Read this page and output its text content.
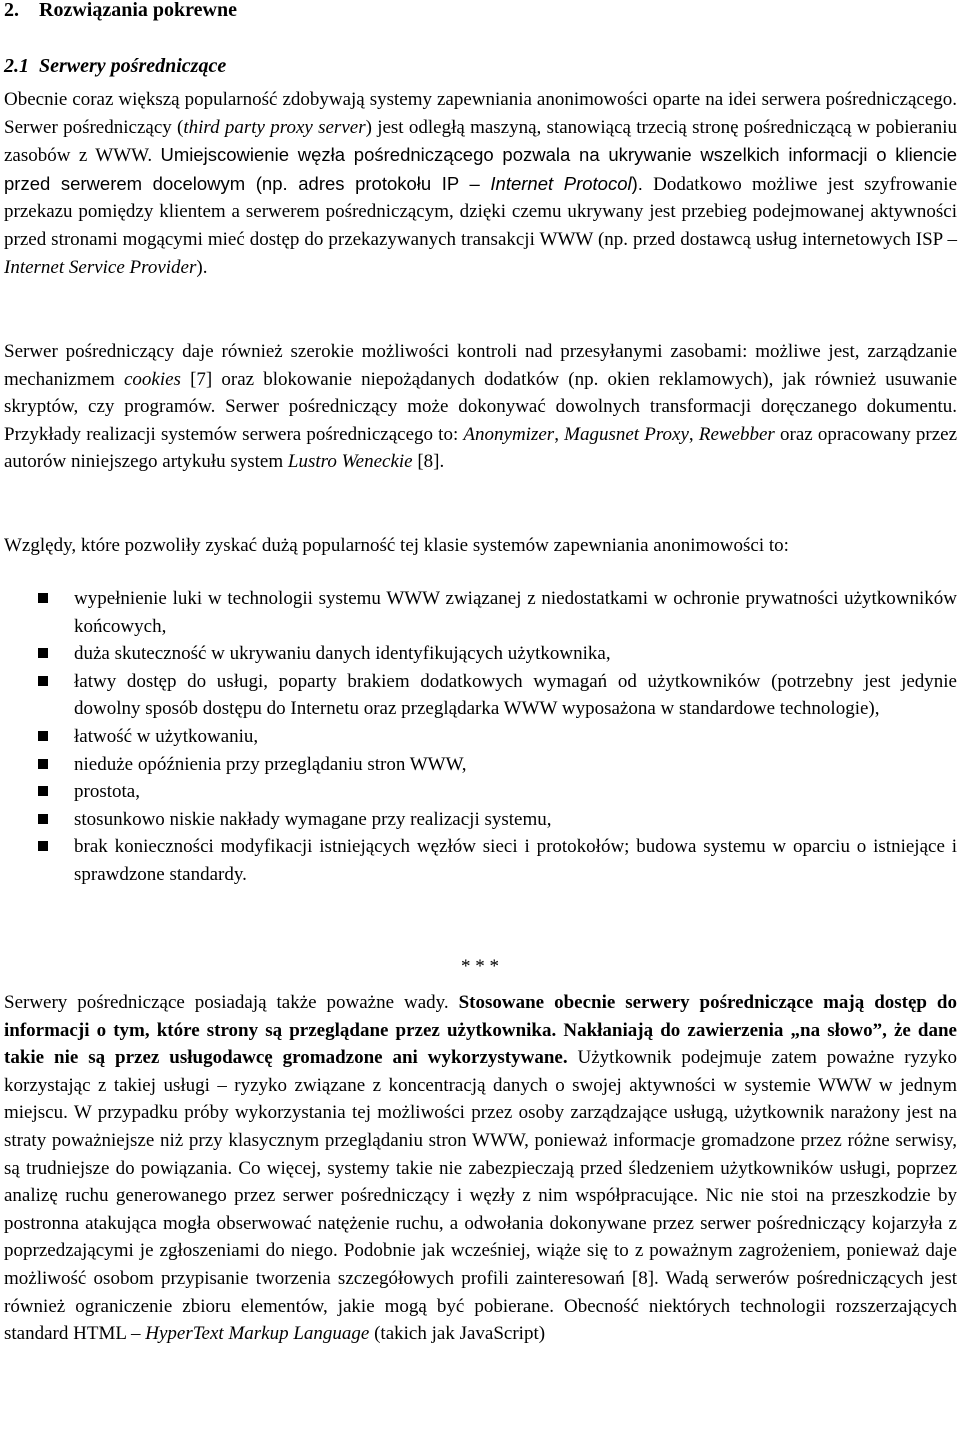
2.    Rozwiązania pokrewne
2.1  Serwery pośredniczące

Obecnie coraz większą popularność zdobywają systemy zapewniania anonimowości oparte na idei serwera pośredniczącego. Serwer pośredniczący (third party proxy server) jest odległą maszyną, stanowiącą trzecią stronę pośredniczącą w pobieraniu zasobów z WWW. Umiejscowienie węzła pośredniczącego pozwala na ukrywanie wszelkich informacji o kliencie przed serwerem docelowym (np. adres protokołu IP – Internet Protocol). Dodatkowo możliwe jest szyfrowanie przekazu pomiędzy klientem a serwerem pośredniczącym, dzięki czemu ukrywany jest przebieg podejmowanej aktywności przed stronami mogącymi mieć dostęp do przekazywanych transakcji WWW (np. przed dostawcą usług internetowych ISP – Internet Service Provider).

Serwer pośredniczący daje również szerokie możliwości kontroli nad przesyłanymi zasobami: możliwe jest, zarządzanie mechanizmem cookies [7] oraz blokowanie niepożądanych dodatków (np. okien reklamowych), jak również usuwanie skryptów, czy programów. Serwer pośredniczący może dokonywać dowolnych transformacji doręczanego dokumentu. Przykłady realizacji systemów serwera pośredniczącego to: Anonymizer, Magusnet Proxy, Rewebber oraz opracowany przez autorów niniejszego artykułu system Lustro Weneckie [8].

Względy, które pozwoliły zyskać dużą popularność tej klasie systemów zapewniania anonimowości to:

wypełnienie luki w technologii systemu WWW związanej z niedostatkami w ochronie prywatności użytkowników końcowych,
duża skuteczność w ukrywaniu danych identyfikujących użytkownika,
łatwy dostęp do usługi, poparty brakiem dodatkowych wymagań od użytkowników (potrzebny jest jedynie dowolny sposób dostępu do Internetu oraz przeglądarka WWW wyposażona w standardowe technologie),
łatwość w użytkowaniu,
nieduże opóźnienia przy przeglądaniu stron WWW,
prostota,
stosunkowo niskie nakłady wymagane przy realizacji systemu,
brak konieczności modyfikacji istniejących węzłów sieci i protokołów; budowa systemu w oparciu o istniejące i sprawdzone standardy.

* * *

Serwery pośredniczące posiadają także poważne wady. Stosowane obecnie serwery pośredniczące mają dostęp do informacji o tym, które strony są przeglądane przez użytkownika. Nakłaniają do zawierzenia „na słowo”, że dane takie nie są przez usługodawcę gromadzone ani wykorzystywane. Użytkownik podejmuje zatem poważne ryzyko korzystając z takiej usługi – ryzyko związane z koncentracją danych o swojej aktywności w systemie WWW w jednym miejscu. W przypadku próby wykorzystania tej możliwości przez osoby zarządzające usługą, użytkownik narażony jest na straty poważniejsze niż przy klasycznym przeglądaniu stron WWW, ponieważ informacje gromadzone przez różne serwisy, są trudniejsze do powiązania. Co więcej, systemy takie nie zabezpieczają przed śledzeniem użytkowników usługi, poprzez analizę ruchu generowanego przez serwer pośredniczący i węzły z nim współpracujące. Nic nie stoi na przeszkodzie by postronna atakująca mogła obserwować natężenie ruchu, a odwołania dokonywane przez serwer pośredniczący kojarzyła z poprzedzającymi je zgłoszeniami do niego. Podobnie jak wcześniej, wiąże się to z poważnym zagrożeniem, ponieważ daje możliwość osobom przypisanie tworzenia szczegółowych profili zainteresowań [8]. Wadą serwerów pośredniczących jest również ograniczenie zbioru elementów, jakie mogą być pobierane. Obecność niektórych technologii rozszerzających standard HTML – HyperText Markup Language (takich jak JavaScript)
